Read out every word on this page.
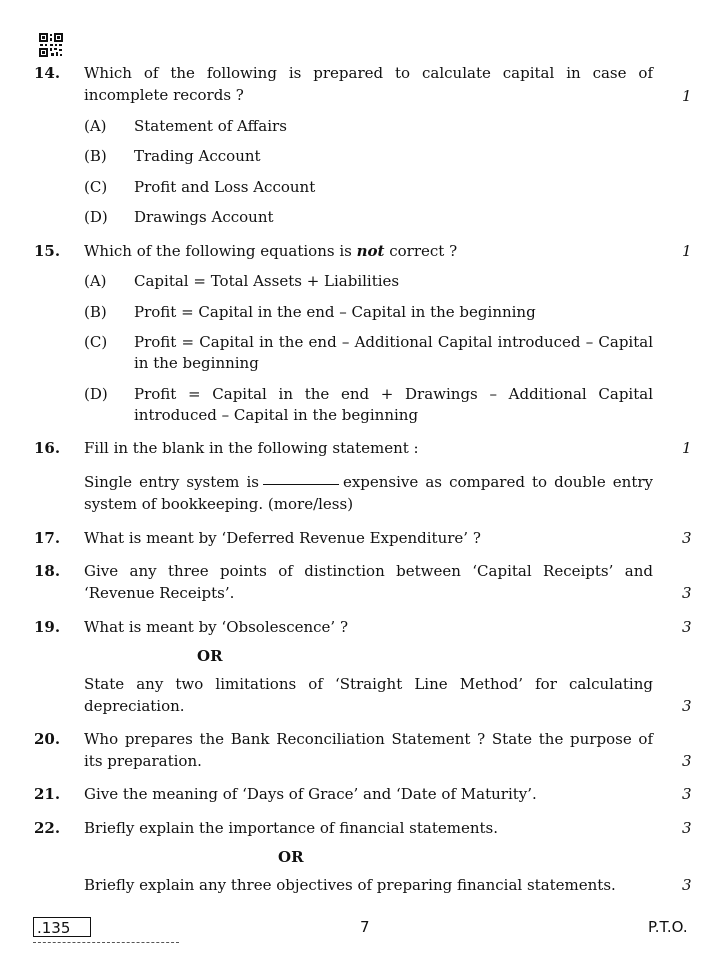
14. Which of the following is prepared to calculate capital in case of incomplete records ?	1
(A) Statement of Affairs
(B) Trading Account
(C) Profit and Loss Account
(D) Drawings Account
15. Which of the following equations is not correct ?	1
(A) Capital = Total Assets + Liabilities
(B) Profit = Capital in the end – Capital in the beginning
(C) Profit = Capital in the end – Additional Capital introduced – Capital in the beginning
(D) Profit = Capital in the end + Drawings – Additional Capital introduced – Capital in the beginning
16. Fill in the blank in the following statement :	1
Single entry system is	expensive as compared to double entry system of bookkeeping. (more/less)
17. What is meant by ‘Deferred Revenue Expenditure’ ?	3
18. Give any three points of distinction between ‘Capital Receipts’ and ‘Revenue Receipts’.	3
19. What is meant by ‘Obsolescence’ ?	3
OR
State any two limitations of ‘Straight Line Method’ for calculating depreciation.	3
20. Who prepares the Bank Reconciliation Statement ? State the purpose of its preparation.	3
21. Give the meaning of ‘Days of Grace’ and ‘Date of Maturity’.	3
22. Briefly explain the importance of financial statements.	3
OR
Briefly explain any three objectives of preparing financial statements.	3
.135	7	P.T.O.
